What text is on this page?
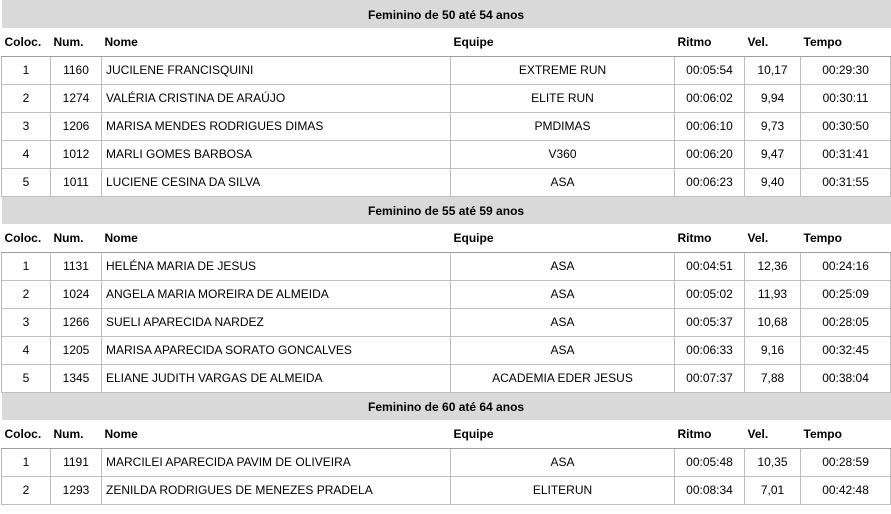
Feminino de 50 até 54 anos						
Coloc.	Num.	Nome	Equipe	Ritmo	Vel.	Tempo
1	1160	JUCILENE FRANCISQUINI	EXTREME RUN	00:05:54	10,17	00:29:30
2	1274	VALÉRIA CRISTINA DE ARAÚJO	ELITE RUN	00:06:02	9,94	00:30:11
3	1206	MARISA MENDES RODRIGUES DIMAS	PMDIMAS	00:06:10	9,73	00:30:50
4	1012	MARLI GOMES BARBOSA	V360	00:06:20	9,47	00:31:41
5	1011	LUCIENE CESINA DA SILVA	ASA	00:06:23	9,40	00:31:55
Feminino de 55 até 59 anos						
Coloc.	Num.	Nome	Equipe	Ritmo	Vel.	Tempo
1	1131	HELÉNA MARIA DE JESUS	ASA	00:04:51	12,36	00:24:16
2	1024	ANGELA MARIA MOREIRA DE ALMEIDA	ASA	00:05:02	11,93	00:25:09
3	1266	SUELI APARECIDA NARDEZ	ASA	00:05:37	10,68	00:28:05
4	1205	MARISA APARECIDA SORATO GONCALVES	ASA	00:06:33	9,16	00:32:45
5	1345	ELIANE JUDITH VARGAS DE ALMEIDA	ACADEMIA EDER JESUS	00:07:37	7,88	00:38:04
Feminino de 60 até 64 anos						
Coloc.	Num.	Nome	Equipe	Ritmo	Vel.	Tempo
1	1191	MARCILEI APARECIDA PAVIM DE OLIVEIRA	ASA	00:05:48	10,35	00:28:59
2	1293	ZENILDA RODRIGUES DE MENEZES PRADELA	ELITERUN	00:08:34	7,01	00:42:48
